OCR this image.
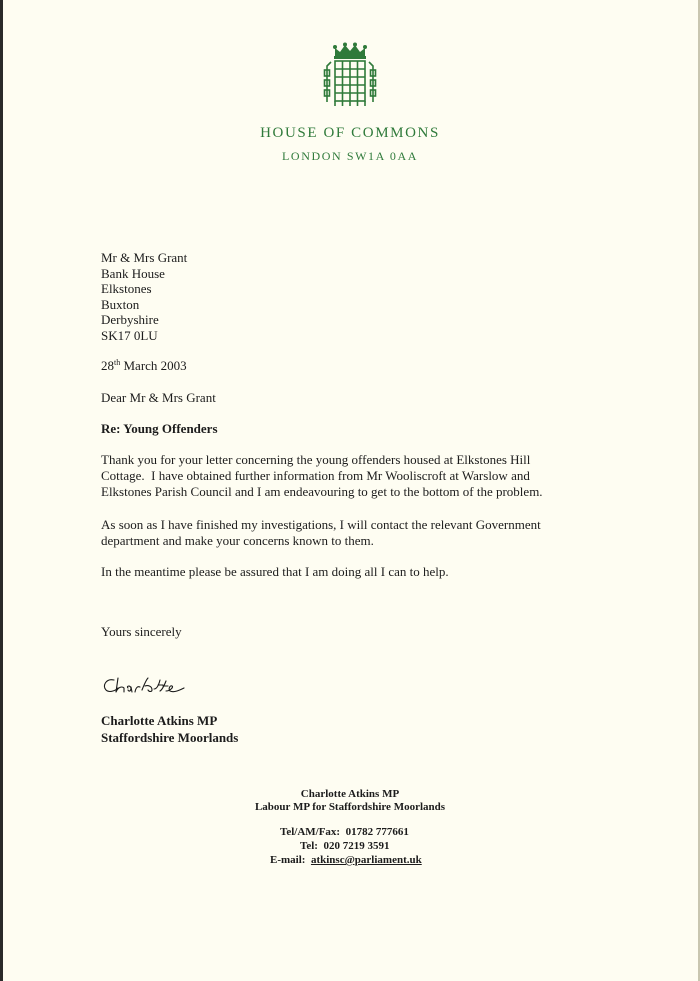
HOUSE OF COMMONS
LONDON SW1A 0AA
Mr & Mrs Grant
Bank House
Elkstones
Buxton
Derbyshire
SK17 0LU
28th March 2003
Dear Mr & Mrs Grant
Re: Young Offenders
Thank you for your letter concerning the young offenders housed at Elkstones Hill
Cottage.  I have obtained further information from Mr Wooliscroft at Warslow and
Elkstones Parish Council and I am endeavouring to get to the bottom of the problem.
As soon as I have finished my investigations, I will contact the relevant Government
department and make your concerns known to them.
In the meantime please be assured that I am doing all I can to help.
Yours sincerely
Charlotte Atkins MP
Staffordshire Moorlands
Charlotte Atkins MP
Labour MP for Staffordshire Moorlands
Tel/AM/Fax: 01782 777661
Tel: 020 7219 3591
E-mail: atkinsc@parliament.uk
